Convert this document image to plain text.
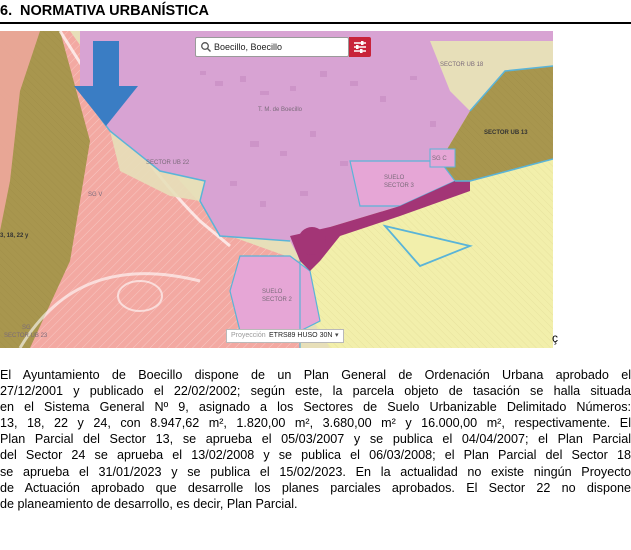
6. NORMATIVA URBANÍSTICA
T. M. de Boecillo
SECTOR UB 13
SECTOR UB 18
SECTOR UB 22
SECTOR UB 23
SUELO
SECTOR 2
SUELO
SECTOR 3
SG C
SG V
SG
3, 18, 22 y
Boecillo, Boecillo
Proyección ETRS89 HUSO 30N ▾	ç
El Ayuntamiento de Boecillo dispone de un Plan General de Ordenación Urbana aprobado el
27/12/2001 y publicado el 22/02/2002; según este, la parcela objeto de tasación se halla situada
en el Sistema General Nº 9, asignado a los Sectores de Suelo Urbanizable Delimitado Números:
13, 18, 22 y 24, con 8.947,62 m², 1.820,00 m², 3.680,00 m² y 16.000,00 m², respectivamente. El
Plan Parcial del Sector 13, se aprueba el 05/03/2007 y se publica el 04/04/2007; el Plan Parcial
del Sector 24 se aprueba el 13/02/2008 y se publica el 06/03/2008; el Plan Parcial del Sector 18
se aprueba el 31/01/2023 y se publica el 15/02/2023. En la actualidad no existe ningún Proyecto
de Actuación aprobado que desarrolle los planes parciales aprobados. El Sector 22 no dispone
de planeamiento de desarrollo, es decir, Plan Parcial.
